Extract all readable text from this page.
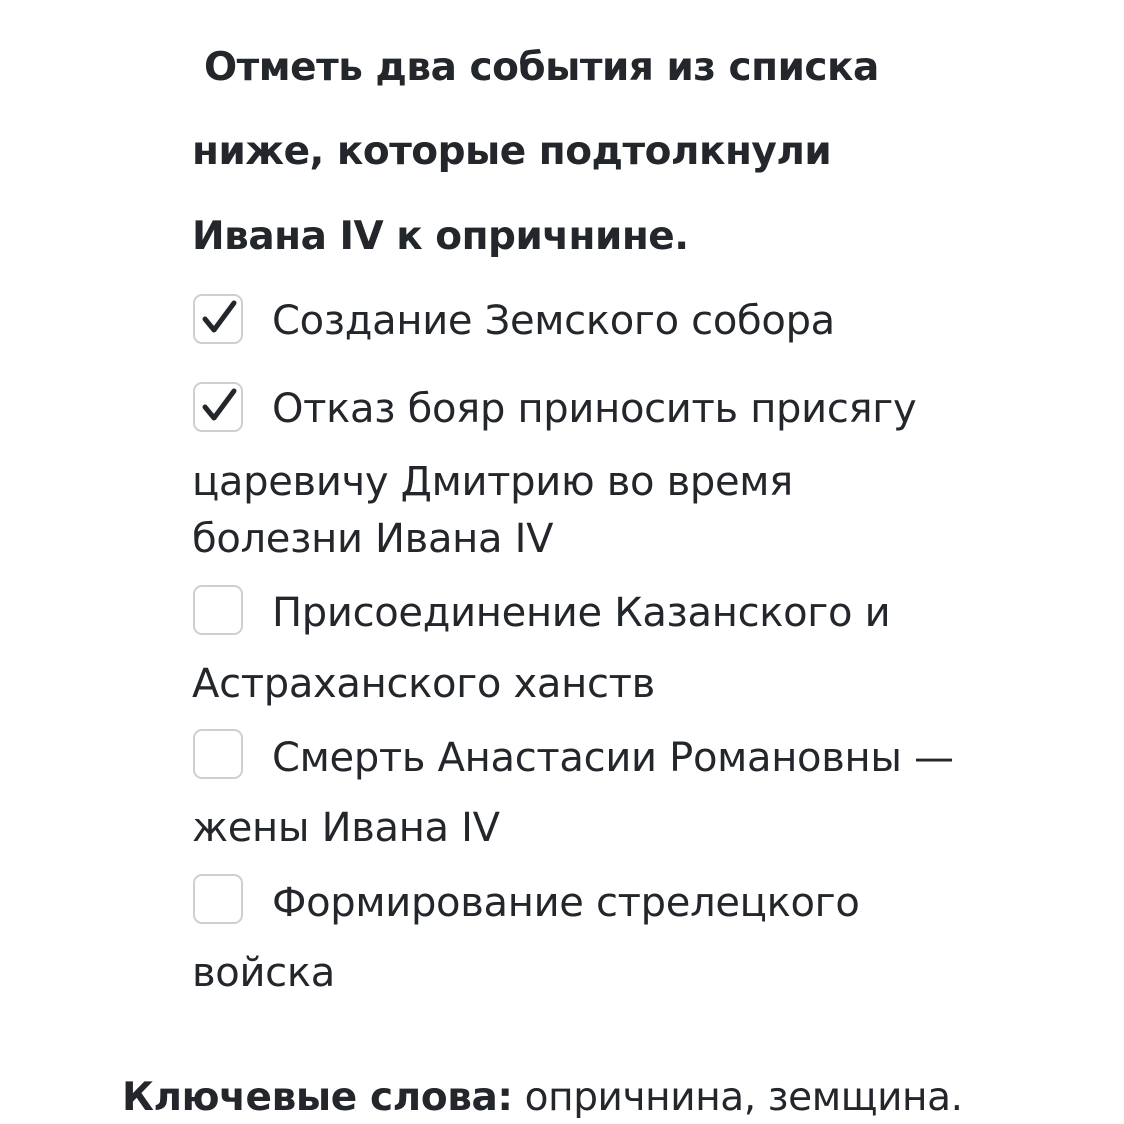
Отметь два события из списка
ниже, которые подтолкнули
Ивана IV к опричнине.
Создание Земского собора
Отказ бояр приносить присягу
царевичу Дмитрию во время
болезни Ивана IV
Присоединение Казанского и
Астраханского ханств
Смерть Анастасии Романовны —
жены Ивана IV
Формирование стрелецкого
войска
Ключевые слова: опричнина, земщина.
